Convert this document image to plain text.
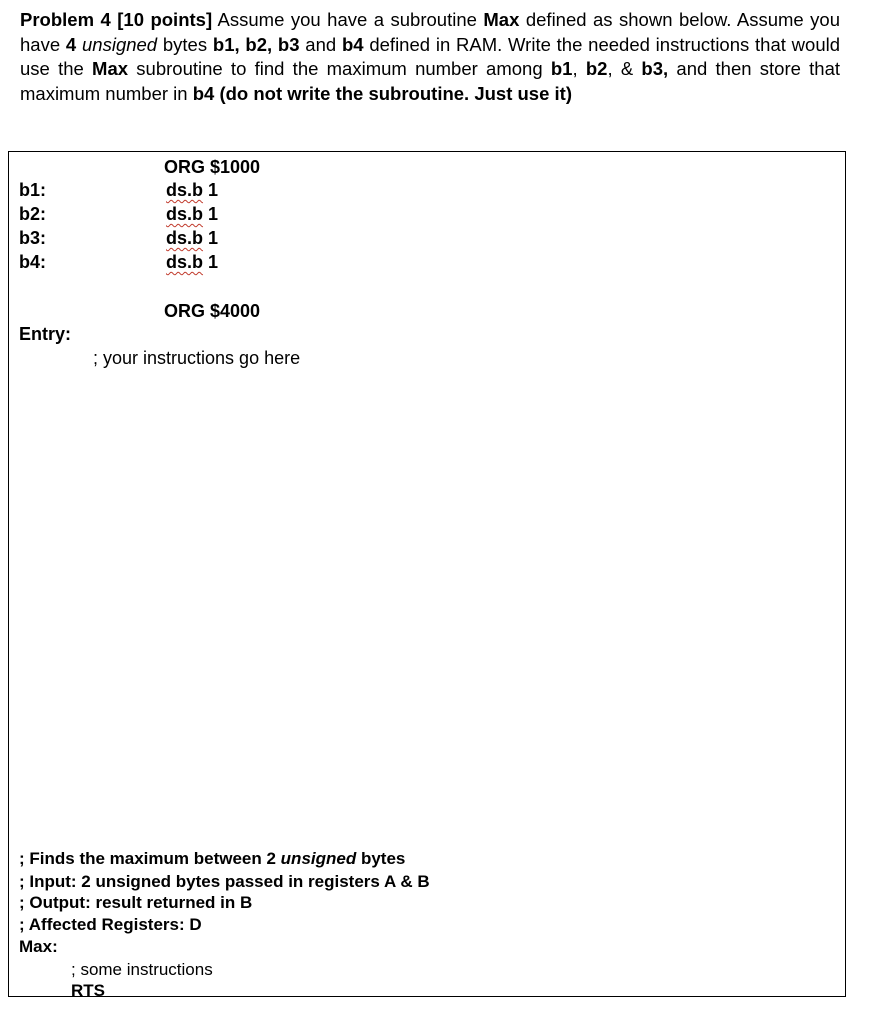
Problem 4 [10 points] Assume you have a subroutine Max defined as shown below. Assume you have 4 unsigned bytes b1, b2, b3 and b4 defined in RAM. Write the needed instructions that would use the Max subroutine to find the maximum number among b1, b2, & b3, and then store that maximum number in b4 (do not write the subroutine. Just use it)
ORG $1000
b1:	ds.b 1
b2:	ds.b 1
b3:	ds.b 1
b4:	ds.b 1
ORG $4000
Entry:
; your instructions go here
; Finds the maximum between 2 unsigned bytes
; Input: 2 unsigned bytes passed in registers A & B
; Output: result returned in B
; Affected Registers: D
Max:
; some instructions
RTS
